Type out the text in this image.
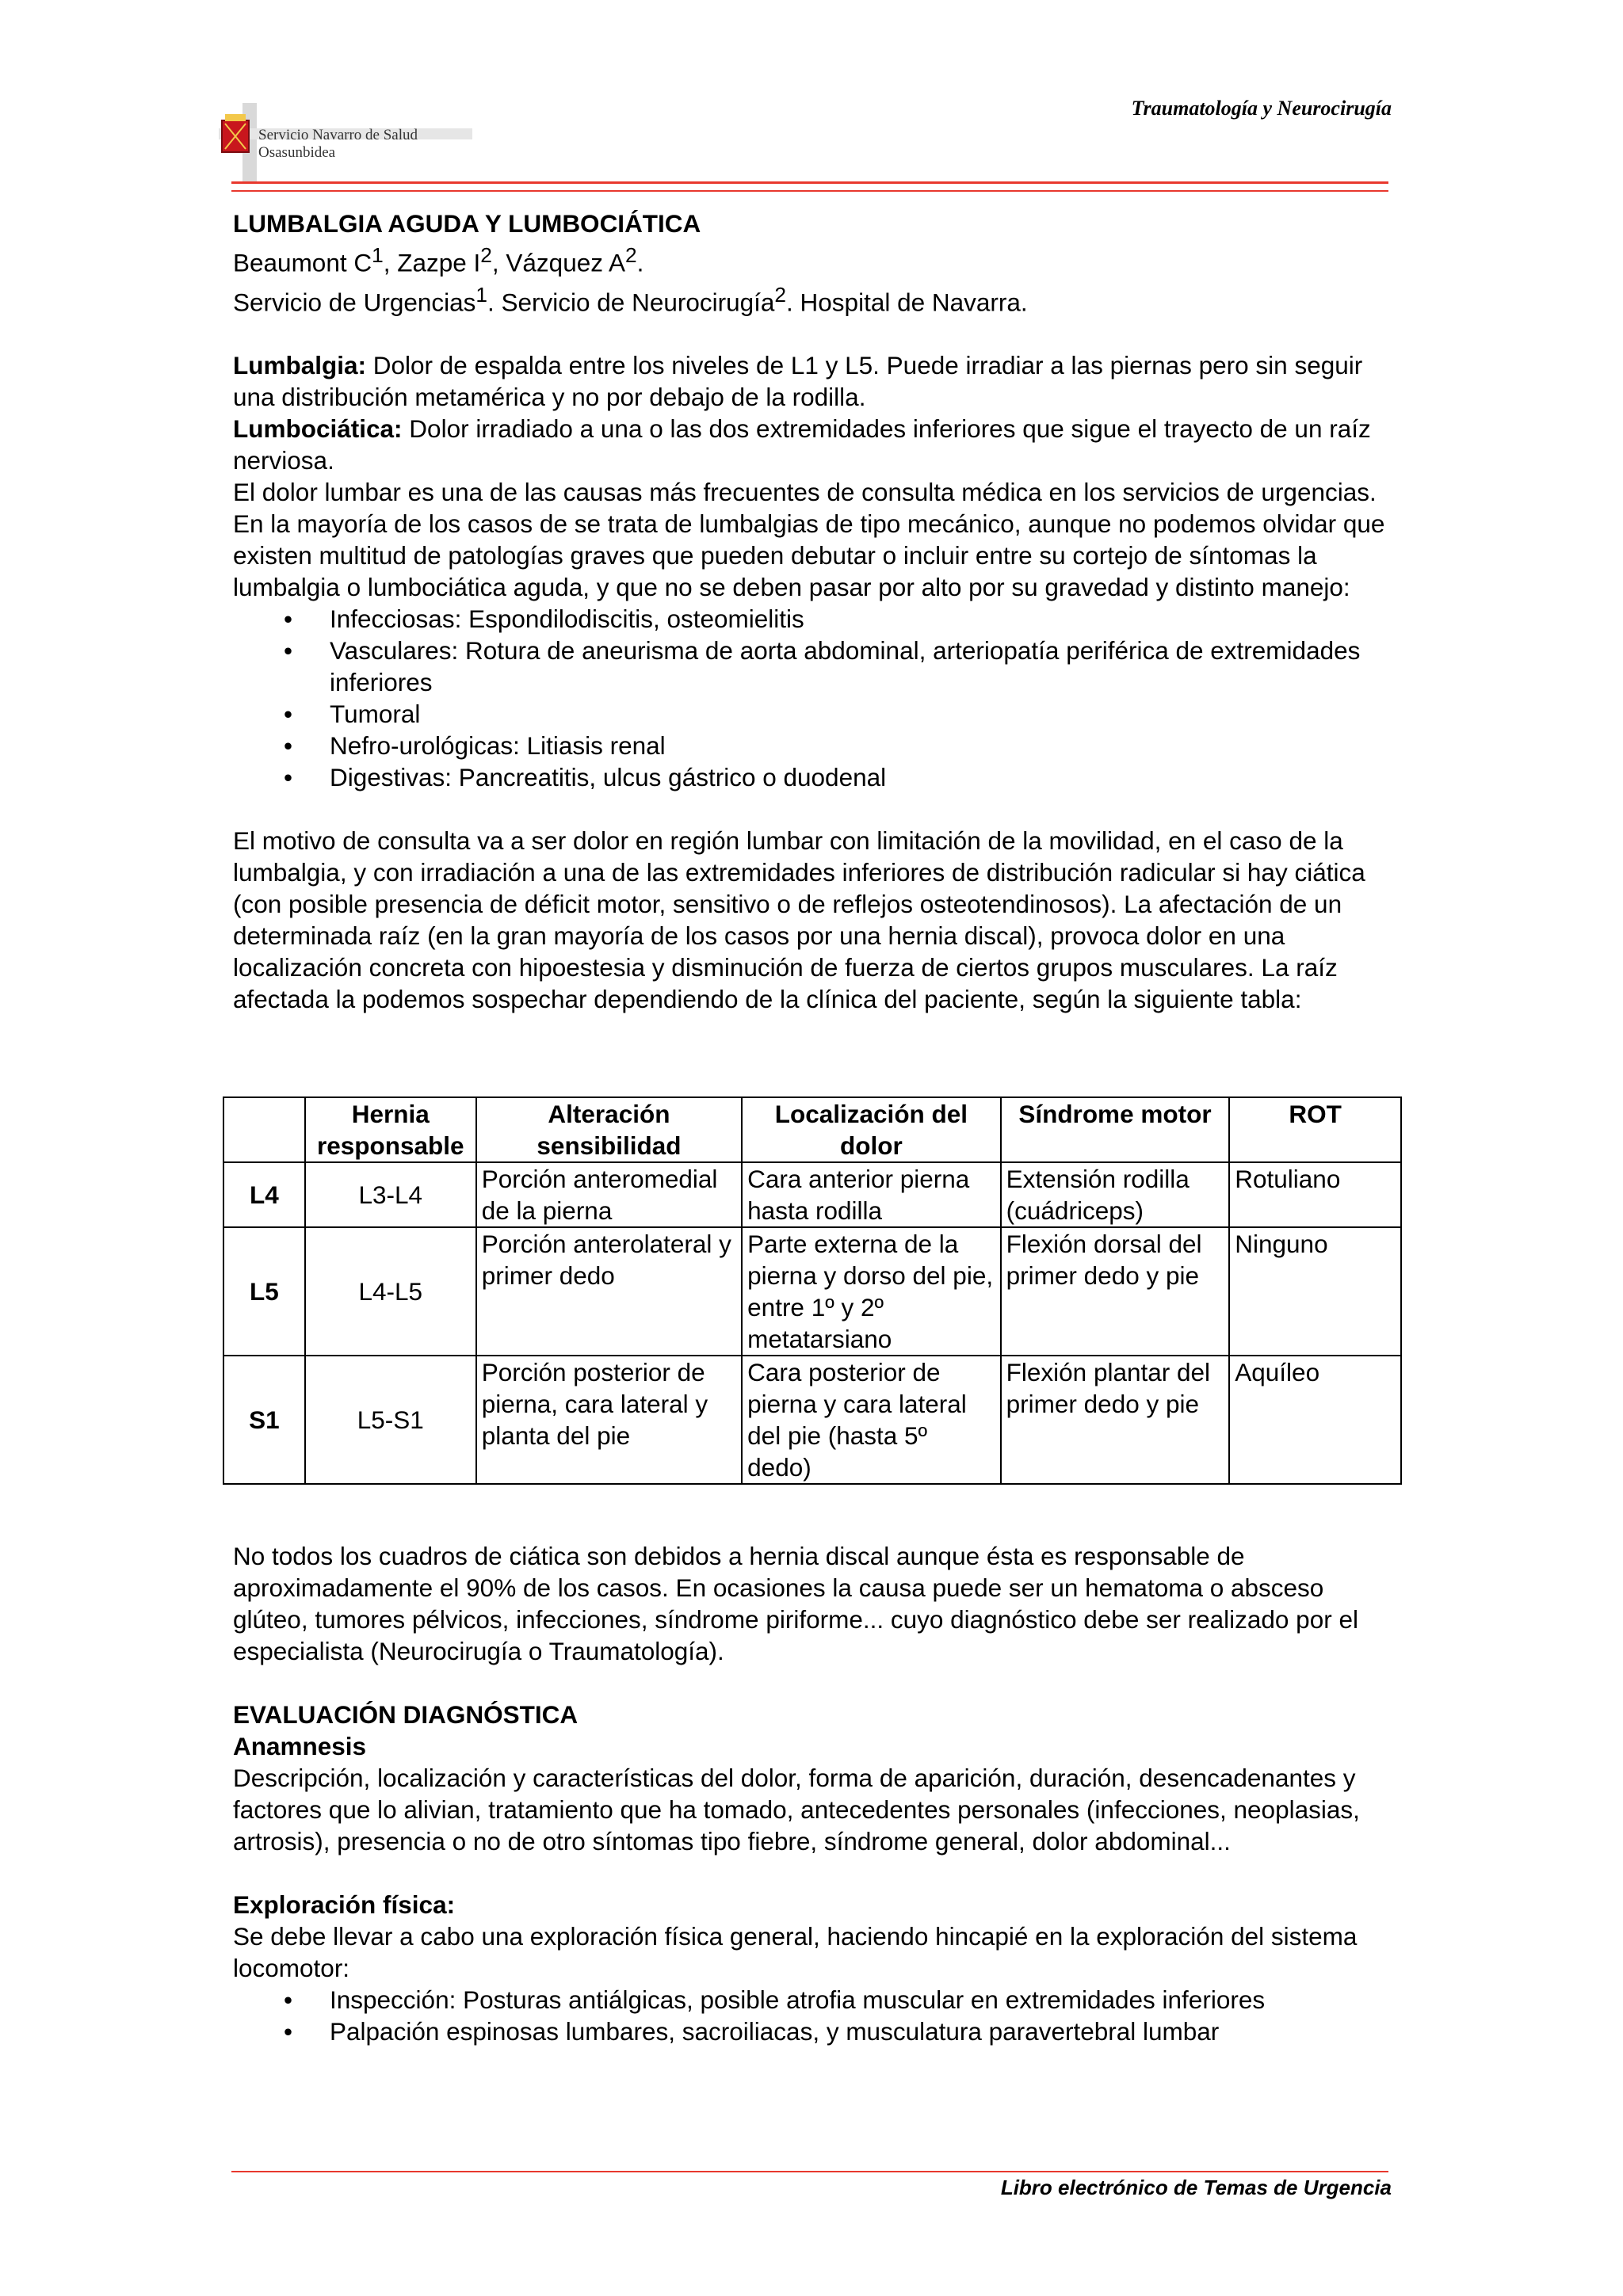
Traumatología y Neurocirugía
Servicio Navarro de Salud
Osasunbidea

LUMBALGIA AGUDA Y LUMBOCIÁTICA

Beaumont $C^1$, Zazpe $I^2$, Vázquez $A^2$.

Servicio de Urgencias$^1$. Servicio de Neurocirugía$^2$. Hospital de Navarra.

Lumbalgia: Dolor de espalda entre los niveles de L1 y L5. Puede irradiar a las piernas pero sin seguir una distribución metamérica y no por debajo de la rodilla.

Lumbociática: Dolor irradiado a una o las dos extremidades inferiores que sigue el trayecto de un raíz nerviosa.

El dolor lumbar es una de las causas más frecuentes de consulta médica en los servicios de urgencias. En la mayoría de los casos de se trata de lumbalgias de tipo mecánico, aunque no podemos olvidar que existen multitud de patologías graves que pueden debutar o incluir entre su cortejo de síntomas la lumbalgia o lumbociática aguda, y que no se deben pasar por alto por su gravedad y distinto manejo:

• Infecciosas: Espondilodiscitis, osteomielitis
• Vasculares: Rotura de aneurisma de aorta abdominal, arteriopatía periférica de extremidades inferiores
• Tumoral
• Nefro-urológicas: Litiasis renal
• Digestivas: Pancreatitis, ulcus gástrico o duodenal

El motivo de consulta va a ser dolor en región lumbar con limitación de la movilidad, en el caso de la lumbalgia, y con irradiación a una de las extremidades inferiores de distribución radicular si hay ciática (con posible presencia de déficit motor, sensitivo o de reflejos osteotendinosos). La afectación de un determinada raíz (en la gran mayoría de los casos por una hernia discal), provoca dolor en una localización concreta con hipoestesia y disminución de fuerza de ciertos grupos musculares. La raíz afectada la podemos sospechar dependiendo de la clínica del paciente, según la siguiente tabla:

	Hernia responsable	Alteración sensibilidad	Localización del dolor	Síndrome motor	ROT
L4	L3-L4	Porción anteromedial de la pierna	Cara anterior pierna hasta rodilla	Extensión rodilla (cuádriceps)	Rotuliano
L5	L4-L5	Porción anterolateral y primer dedo	Parte externa de la pierna y dorso del pie, entre 1º y 2º metatarsiano	Flexión dorsal del primer dedo y pie	Ninguno
S1	L5-S1	Porción posterior de pierna, cara lateral y planta del pie	Cara posterior de pierna y cara lateral del pie (hasta 5º dedo)	Flexión plantar del primer dedo y pie	Aquíleo

No todos los cuadros de ciática son debidos a hernia discal aunque ésta es responsable de aproximadamente el 90% de los casos. En ocasiones la causa puede ser un hematoma o absceso glúteo, tumores pélvicos, infecciones, síndrome piriforme... cuyo diagnóstico debe ser realizado por el especialista (Neurocirugía o Traumatología).

EVALUACIÓN DIAGNÓSTICA

Anamnesis

Descripción, localización y características del dolor, forma de aparición, duración, desencadenantes y factores que lo alivian, tratamiento que ha tomado, antecedentes personales (infecciones, neoplasias, artrosis), presencia o no de otro síntomas tipo fiebre, síndrome general, dolor abdominal...

Exploración física:

Se debe llevar a cabo una exploración física general, haciendo hincapié en la exploración del sistema locomotor:

• Inspección: Posturas antiálgicas, posible atrofia muscular en extremidades inferiores
• Palpación espinosas lumbares, sacroiliacas, y musculatura paravertebral lumbar
Libro electrónico de Temas de Urgencia
